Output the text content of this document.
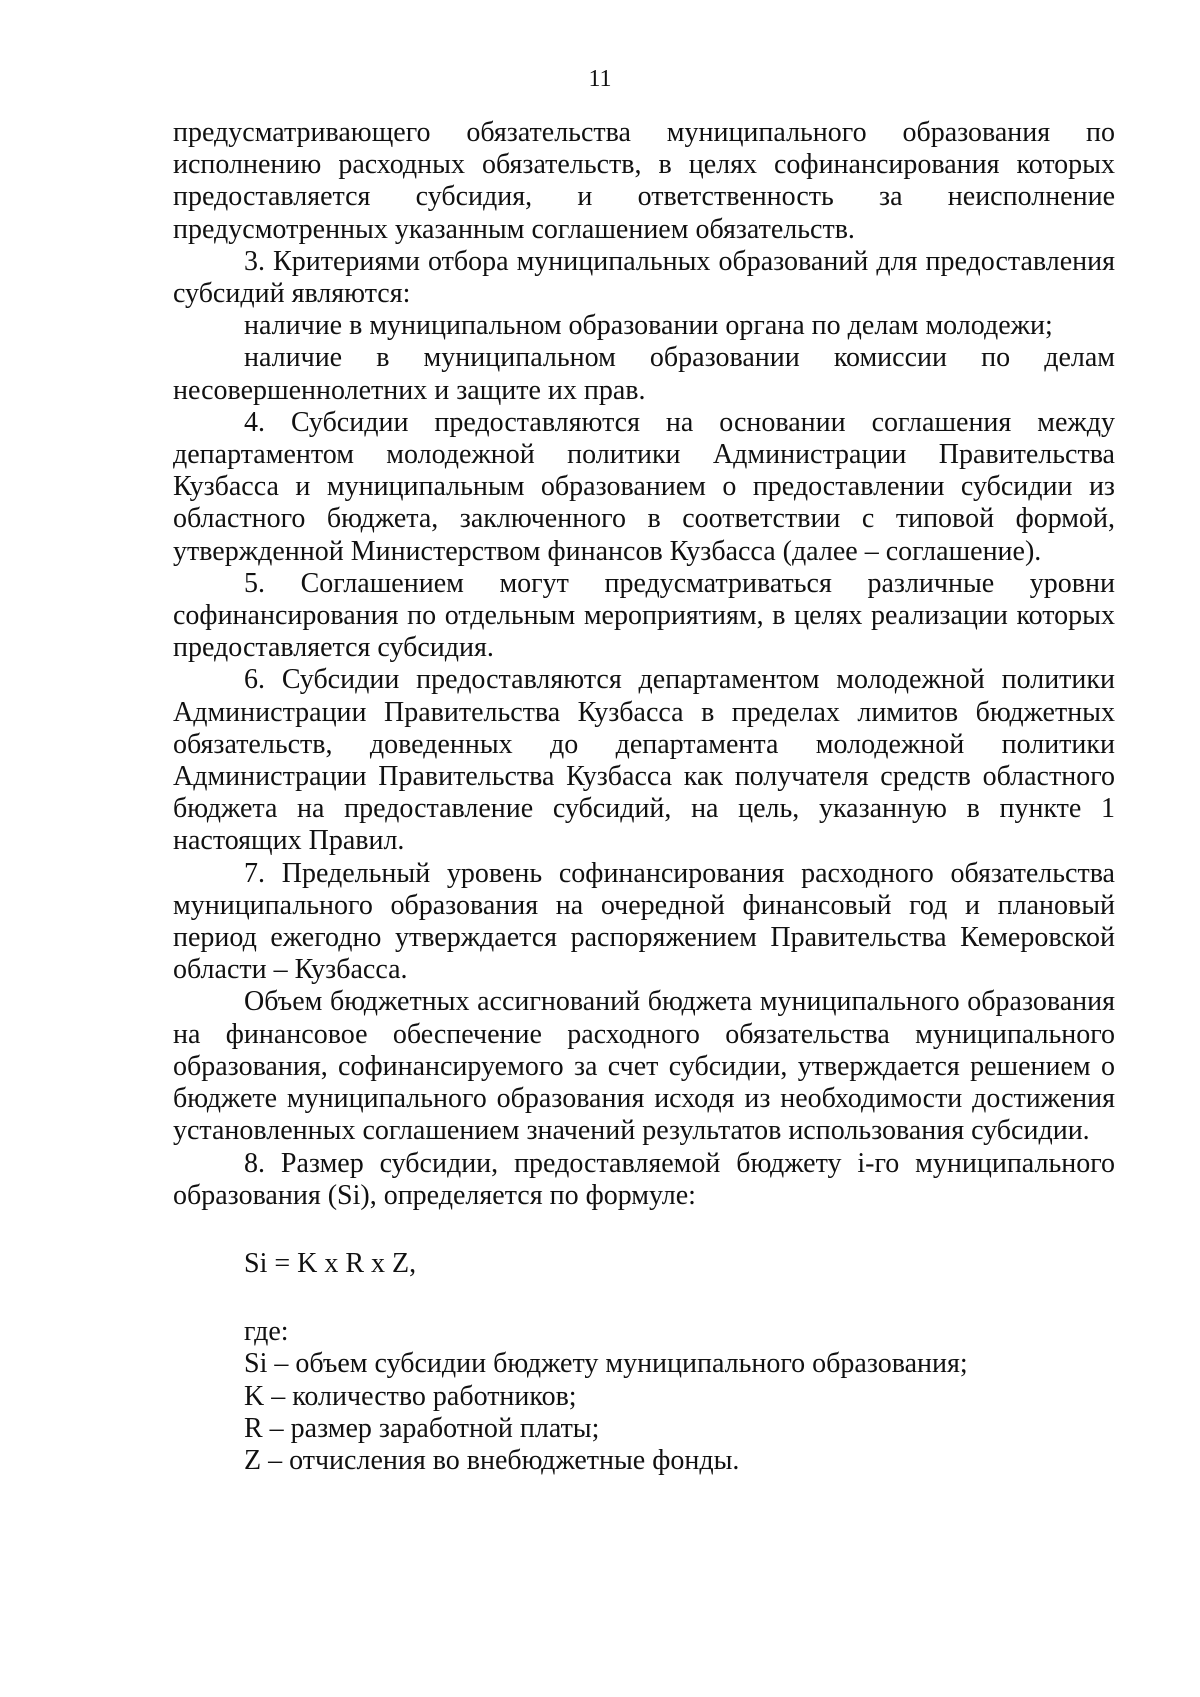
11

предусматривающего обязательства муниципального образования по исполнению расходных обязательств, в целях софинансирования которых предоставляется субсидия, и ответственность за неисполнение предусмотренных указанным соглашением обязательств.

3. Критериями отбора муниципальных образований для предоставления субсидий являются:

наличие в муниципальном образовании органа по делам молодежи;

наличие в муниципальном образовании комиссии по делам несовершеннолетних и защите их прав.

4. Субсидии предоставляются на основании соглашения между департаментом молодежной политики Администрации Правительства Кузбасса и муниципальным образованием о предоставлении субсидии из областного бюджета, заключенного в соответствии с типовой формой, утвержденной Министерством финансов Кузбасса (далее – соглашение).

5. Соглашением могут предусматриваться различные уровни софинансирования по отдельным мероприятиям, в целях реализации которых предоставляется субсидия.

6. Субсидии предоставляются департаментом молодежной политики Администрации Правительства Кузбасса в пределах лимитов бюджетных обязательств, доведенных до департамента молодежной политики Администрации Правительства Кузбасса как получателя средств областного бюджета на предоставление субсидий, на цель, указанную в пункте 1 настоящих Правил.

7. Предельный уровень софинансирования расходного обязательства муниципального образования на очередной финансовый год и плановый период ежегодно утверждается распоряжением Правительства Кемеровской области – Кузбасса.

Объем бюджетных ассигнований бюджета муниципального образования на финансовое обеспечение расходного обязательства муниципального образования, софинансируемого за счет субсидии, утверждается решением о бюджете муниципального образования исходя из необходимости достижения установленных соглашением значений результатов использования субсидии.

8. Размер субсидии, предоставляемой бюджету i-го муниципального образования (Si), определяется по формуле:

Si = K x R x Z,

где:

Si – объем субсидии бюджету муниципального образования;

K – количество работников;

R – размер заработной платы;

Z – отчисления во внебюджетные фонды.
